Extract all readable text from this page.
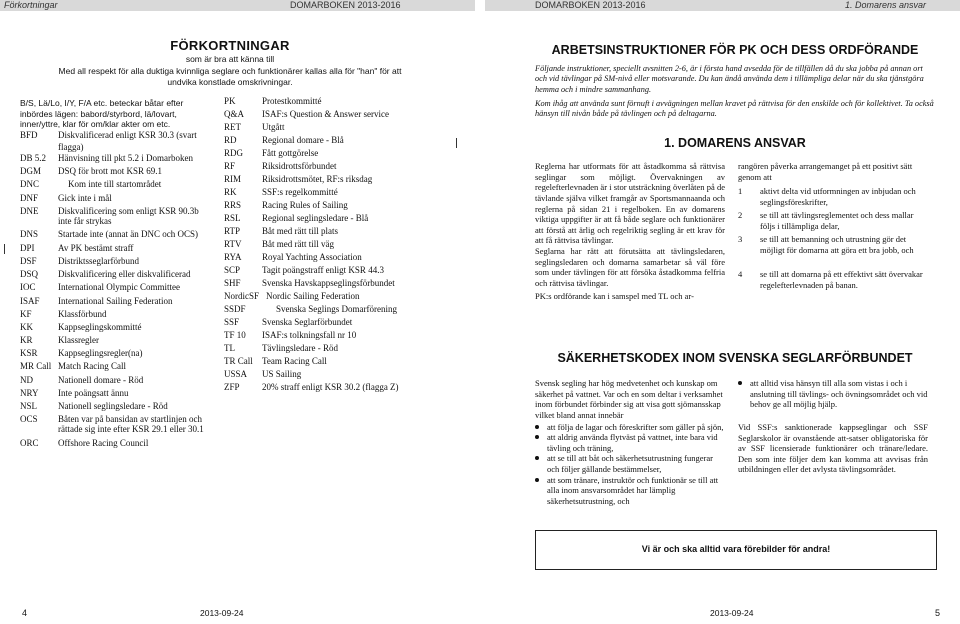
Förkortningar	DOMARBOKEN 2013-2016	DOMARBOKEN 2013-2016	1. Domarens ansvar
FÖRKORTNINGAR
som är bra att känna till
Med all respekt för alla duktiga kvinnliga seglare och funktionärer kallas alla för "han" för att
undvika konstlade omskrivningar.
B/S, Lä/Lo, I/Y, F/A etc. beteckar båtar efter inbördes lägen: babord/styrbord, lä/lovart, inner/yttre, klar för om/klar akter om etc.
BFD	Diskvalificerad enligt KSR 30.3 (svart flagga)
DB 5.2	Hänvisning till pkt 5.2 i Domarboken
DGM	DSQ för brott mot KSR 69.1
DNC	Kom inte till startområdet
DNF	Gick inte i mål
DNE	Diskvalificering som enligt KSR 90.3b inte får strykas
DNS	Startade inte (annat än DNC och OCS)
DPI	Av PK bestämt straff
DSF	Distriktsseglarförbund
DSQ	Diskvalificering eller diskvalificerad
IOC	International Olympic Committee
ISAF	International Sailing Federation
KF	Klassförbund
KK	Kappseglingskommitté
KR	Klassregler
KSR	Kappseglingsregler(na)
MR Call Match Racing Call
ND	Nationell domare - Röd
NRY	Inte poängsatt ännu
NSL	Nationell seglingsledare - Röd
OCS	Båten var på bansidan av startlinjen och rättade sig inte efter KSR 29.1 eller 30.1
ORC	Offshore Racing Council
PK	Protestkommitté
Q&A	ISAF:s Question & Answer service
RET	Utgått
RD	Regional domare - Blå
RDG	Fått gottgörelse
RF	Riksidrottsförbundet
RIM	Riksidrottsmötet, RF:s riksdag
RK	SSF:s regelkommitté
RRS	Racing Rules of Sailing
RSL	Regional seglingsledare - Blå
RTP	Båt med rätt till plats
RTV	Båt med rätt till väg
RYA	Royal Yachting Association
SCP	Tagit poängstraff enligt KSR 44.3
SHF	Svenska Havskappseglingsförbundet
NordicSF Nordic Sailing Federation
SSDF	Svenska Seglings Domarförening
SSF	Svenska Seglarförbundet
TF 10	ISAF:s tolkningsfall nr 10
TL	Tävlingsledare - Röd
TR Call	Team Racing Call
USSA	US Sailing
ZFP	20% straff enligt KSR 30.2 (flagga Z)
4	2013-09-24
ARBETSINSTRUKTIONER FÖR PK OCH DESS ORDFÖRANDE
Följande instruktioner, speciellt avsnitten 2-6, är i första hand avsedda för de tillfällen då du ska jobba på annan ort och vid tävlingar på SM-nivå eller motsvarande. Du kan ändå använda dem i tillämpliga delar när du ska tjänstgöra hemma och i mindre sammanhang.
Kom ihåg att använda sunt förnuft i avvägningen mellan kravet på rättvisa för den enskilde och för kollektivet. Ta också hänsyn till nivån både på tävlingen och på deltagarna.
1. DOMARENS ANSVAR
Reglerna har utformats för att åstadkomma så rättvisa seglingar som möjligt. Övervakningen av regelefterlevnaden är i stor utsträckning överlåten på de tävlande själva vilket framgår av Sportsmannaanda och reglerna på sidan 21 i regelboken. En av domarens viktiga uppgifter är att få både seglare och funktionärer att förstå att ärlig och regelriktig segling är ett krav för att få rättvisa tävlingar.
Seglarna har rätt att förutsätta att tävlingsledaren, seglingsledaren och domarna samarbetar så väl före som under tävlingen för att försöka åstadkomma felfria och rättvisa tävlingar.
PK:s ordförande kan i samspel med TL och ar-
rangören påverka arrangemanget på ett positivt sätt genom att
1 aktivt delta vid utformningen av inbjudan och seglingsföreskrifter,
2 se till att tävlingsreglementet och dess mallar följs i tillämpliga delar,
3 se till att bemanning och utrustning gör det möjligt för domarna att göra ett bra jobb, och
4 se till att domarna på ett effektivt sätt övervakar regelefterlevnaden på banan.
SÄKERHETSKODEX INOM SVENSKA SEGLARFÖRBUNDET
Svensk segling har hög medvetenhet och kunskap om säkerhet på vattnet. Var och en som deltar i verksamhet inom förbundet förbinder sig att visa gott sjömansskap vilket bland annat innebär
att följa de lagar och föreskrifter som gäller på sjön,
att aldrig använda flytväst på vattnet, inte bara vid tävling och träning,
att se till att båt och säkerhetsutrustning fungerar och följer gällande bestämmelser,
att som tränare, instruktör och funktionär se till att alla inom ansvarsområdet har lämplig säkerhetsutrustning, och
att alltid visa hänsyn till alla som vistas i och i anslutning till tävlings- och övningsområdet och vid behov ge all möjlig hjälp.
Vid SSF:s sanktionerade kappseglingar och SSF Seglarskolor är ovanstående att-satser obligatoriska för av SSF licensierade funktionärer och tränare/ledare. Den som inte följer dem kan komma att avvisas från utbildningen eller det avlysta tävlingsområdet.
Vi är och ska alltid vara förebilder för andra!
2013-09-24	5
